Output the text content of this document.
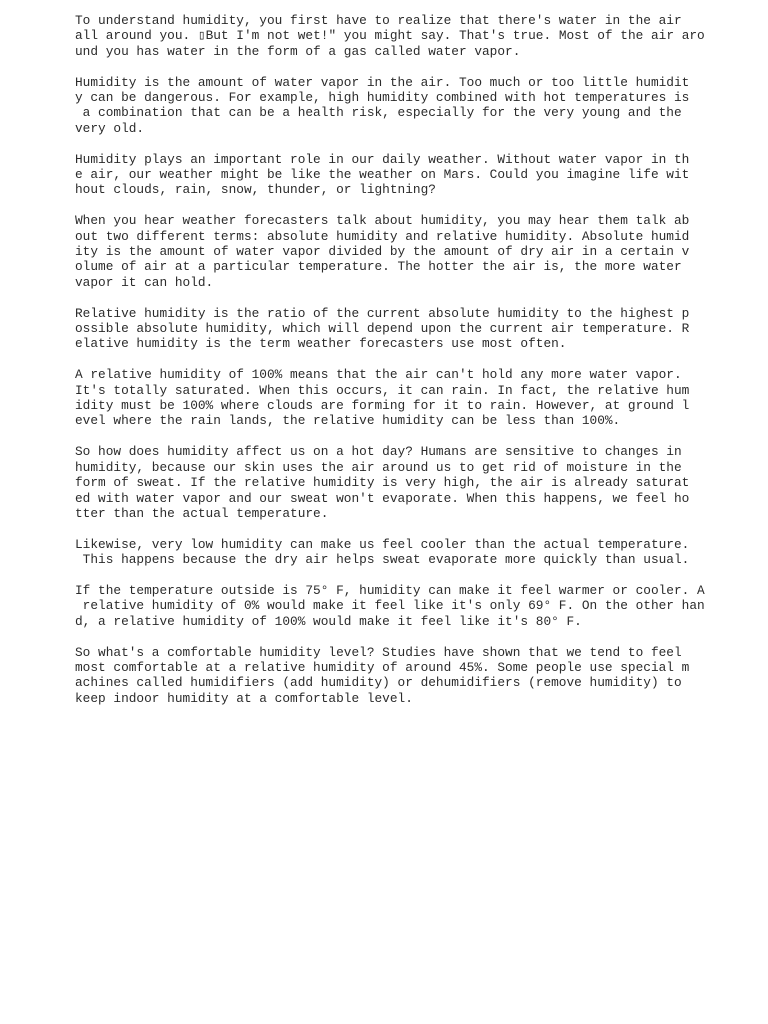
To understand humidity, you first have to realize that there's water in the air
all around you. ▯But I'm not wet!" you might say. That's true. Most of the air aro
und you has water in the form of a gas called water vapor.
Humidity is the amount of water vapor in the air. Too much or too little humidit
y can be dangerous. For example, high humidity combined with hot temperatures is
a combination that can be a health risk, especially for the very young and the
very old.
Humidity plays an important role in our daily weather. Without water vapor in th
e air, our weather might be like the weather on Mars. Could you imagine life wit
hout clouds, rain, snow, thunder, or lightning?
When you hear weather forecasters talk about humidity, you may hear them talk ab
out two different terms: absolute humidity and relative humidity. Absolute humid
ity is the amount of water vapor divided by the amount of dry air in a certain v
olume of air at a particular temperature. The hotter the air is, the more water
vapor it can hold.
Relative humidity is the ratio of the current absolute humidity to the highest p
ossible absolute humidity, which will depend upon the current air temperature. R
elative humidity is the term weather forecasters use most often.
A relative humidity of 100% means that the air can't hold any more water vapor.
It's totally saturated. When this occurs, it can rain. In fact, the relative hum
idity must be 100% where clouds are forming for it to rain. However, at ground l
evel where the rain lands, the relative humidity can be less than 100%.
So how does humidity affect us on a hot day? Humans are sensitive to changes in
humidity, because our skin uses the air around us to get rid of moisture in the
form of sweat. If the relative humidity is very high, the air is already saturat
ed with water vapor and our sweat won't evaporate. When this happens, we feel ho
tter than the actual temperature.
Likewise, very low humidity can make us feel cooler than the actual temperature.
This happens because the dry air helps sweat evaporate more quickly than usual.
If the temperature outside is 75° F, humidity can make it feel warmer or cooler. A
relative humidity of 0% would make it feel like it's only 69° F. On the other han
d, a relative humidity of 100% would make it feel like it's 80° F.
So what's a comfortable humidity level? Studies have shown that we tend to feel
most comfortable at a relative humidity of around 45%. Some people use special m
achines called humidifiers (add humidity) or dehumidifiers (remove humidity) to
keep indoor humidity at a comfortable level.
